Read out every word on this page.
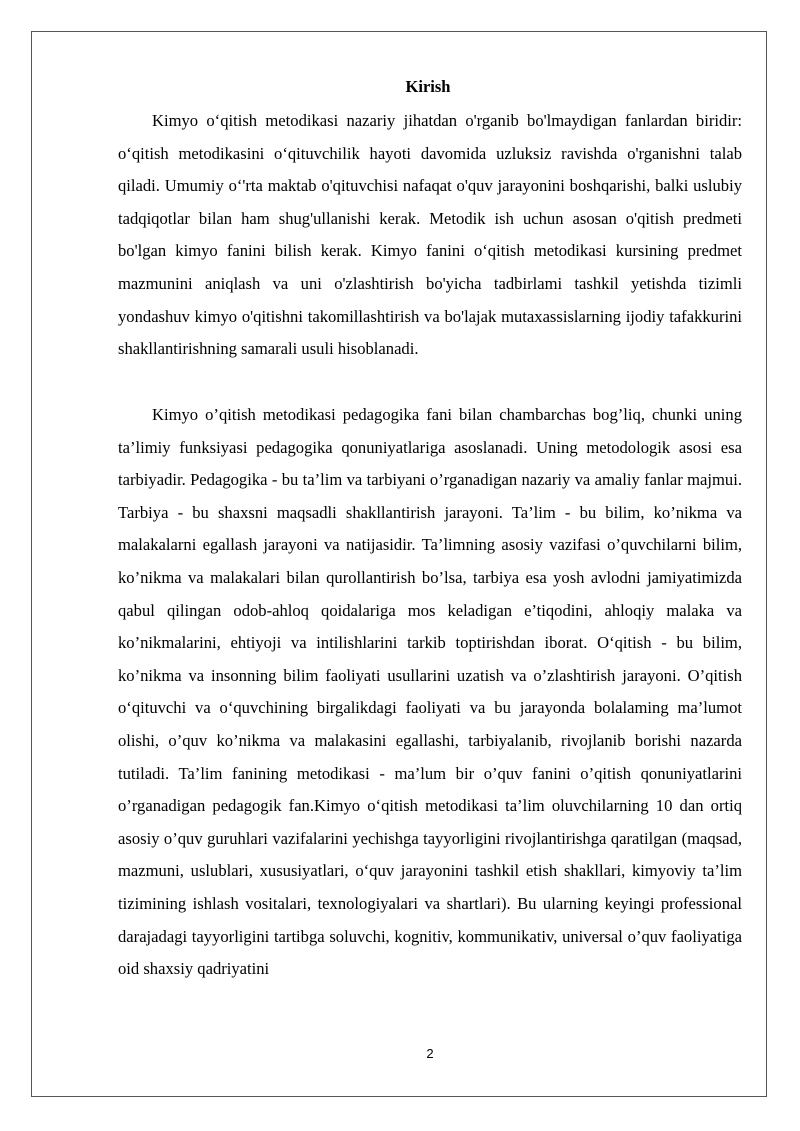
Kirish

Kimyo o‘qitish metodikasi nazariy jihatdan o'rganib bo'lmaydigan fanlardan biridir: o‘qitish metodikasini o‘qituvchilik hayoti davomida uzluksiz ravishda o'rganishni talab qiladi. Umumiy o‘'rta maktab o'qituvchisi nafaqat o'quv jarayonini boshqarishi, balki uslubiy tadqiqotlar bilan ham shug'ullanishi kerak. Metodik ish uchun asosan o'qitish predmeti bo'lgan kimyo fanini bilish kerak. Kimyo fanini o‘qitish metodikasi kursining predmet mazmunini aniqlash va uni o'zlashtirish bo'yicha tadbirlami tashkil yetishda tizimli yondashuv kimyo o'qitishni takomillashtirish va bo'lajak mutaxassislarning ijodiy tafakkurini shakllantirishning samarali usuli hisoblanadi.

Kimyo o’qitish metodikasi pedagogika fani bilan chambarchas bog’liq, chunki uning ta’limiy funksiyasi pedagogika qonuniyatlariga asoslanadi. Uning metodologik asosi esa tarbiyadir. Pedagogika - bu ta’lim va tarbiyani o’rganadigan nazariy va amaliy fanlar majmui. Tarbiya - bu shaxsni maqsadli shakllantirish jarayoni. Ta’lim - bu bilim, ko’nikma va malakalarni egallash jarayoni va natijasidir. Ta’limning asosiy vazifasi o’quvchilarni bilim, ko’nikma va malakalari bilan qurollantirish bo’lsa, tarbiya esa yosh avlodni jamiyatimizda qabul qilingan odob-ahloq qoidalariga mos keladigan e’tiqodini, ahloqiy malaka va ko’nikmalarini, ehtiyoji va intilishlarini tarkib toptirishdan iborat. O‘qitish - bu bilim, ko’nikma va insonning bilim faoliyati usullarini uzatish va o’zlashtirish jarayoni. O’qitish o‘qituvchi va o‘quvchining birgalikdagi faoliyati va bu jarayonda bolalaming ma’lumot olishi, o’quv ko’nikma va malakasini egallashi, tarbiyalanib, rivojlanib borishi nazarda tutiladi. Ta’lim fanining metodikasi - ma’lum bir o’quv fanini o’qitish qonuniyatlarini o’rganadigan pedagogik fan.Kimyo o‘qitish metodikasi ta’lim oluvchilarning 10 dan ortiq asosiy o’quv guruhlari vazifalarini yechishga tayyorligini rivojlantirishga qaratilgan (maqsad, mazmuni, uslublari, xususiyatlari, o‘quv jarayonini tashkil etish shakllari, kimyoviy ta’lim tizimining ishlash vositalari, texnologiyalari va shartlari). Bu ularning keyingi professional darajadagi tayyorligini tartibga soluvchi, kognitiv, kommunikativ, universal o’quv faoliyatiga oid shaxsiy qadriyatini

2
